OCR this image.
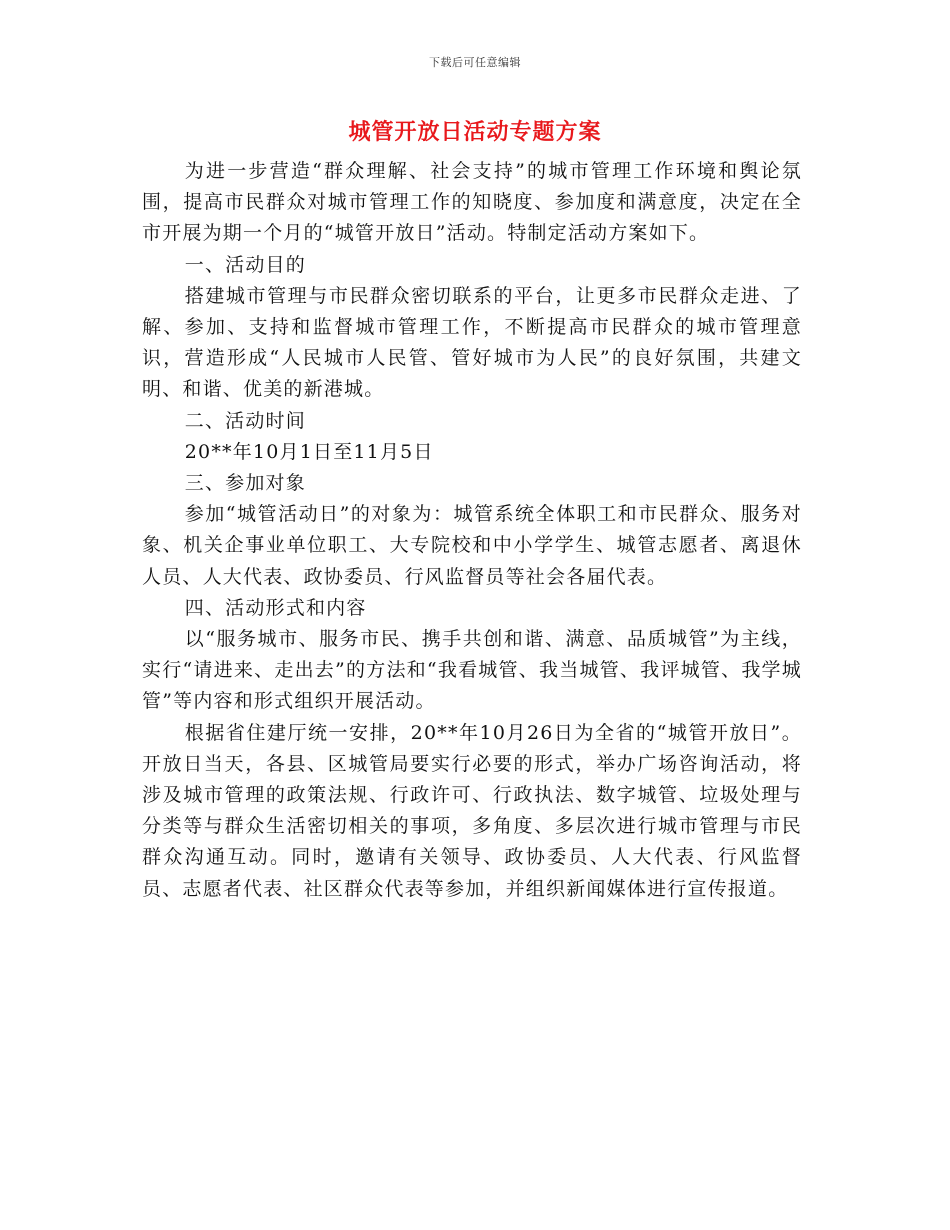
下载后可任意编辑
城管开放日活动专题方案

为进一步营造“群众理解、社会支持”的城市管理工作环境和舆论氛围，提高市民群众对城市管理工作的知晓度、参加度和满意度，决定在全市开展为期一个月的“城管开放日”活动。特制定活动方案如下。

一、活动目的

搭建城市管理与市民群众密切联系的平台，让更多市民群众走进、了解、参加、支持和监督城市管理工作，不断提高市民群众的城市管理意识，营造形成“人民城市人民管、管好城市为人民”的良好氛围，共建文明、和谐、优美的新港城。

二、活动时间

20**年10月1日至11月5日

三、参加对象

参加“城管活动日”的对象为：城管系统全体职工和市民群众、服务对象、机关企事业单位职工、大专院校和中小学学生、城管志愿者、离退休人员、人大代表、政协委员、行风监督员等社会各届代表。

四、活动形式和内容

以“服务城市、服务市民、携手共创和谐、满意、品质城管”为主线，实行“请进来、走出去”的方法和“我看城管、我当城管、我评城管、我学城管”等内容和形式组织开展活动。

根据省住建厅统一安排，20**年10月26日为全省的“城管开放日”。开放日当天，各县、区城管局要实行必要的形式，举办广场咨询活动，将涉及城市管理的政策法规、行政许可、行政执法、数字城管、垃圾处理与分类等与群众生活密切相关的事项，多角度、多层次进行城市管理与市民群众沟通互动。同时，邀请有关领导、政协委员、人大代表、行风监督员、志愿者代表、社区群众代表等参加，并组织新闻媒体进行宣传报道。
